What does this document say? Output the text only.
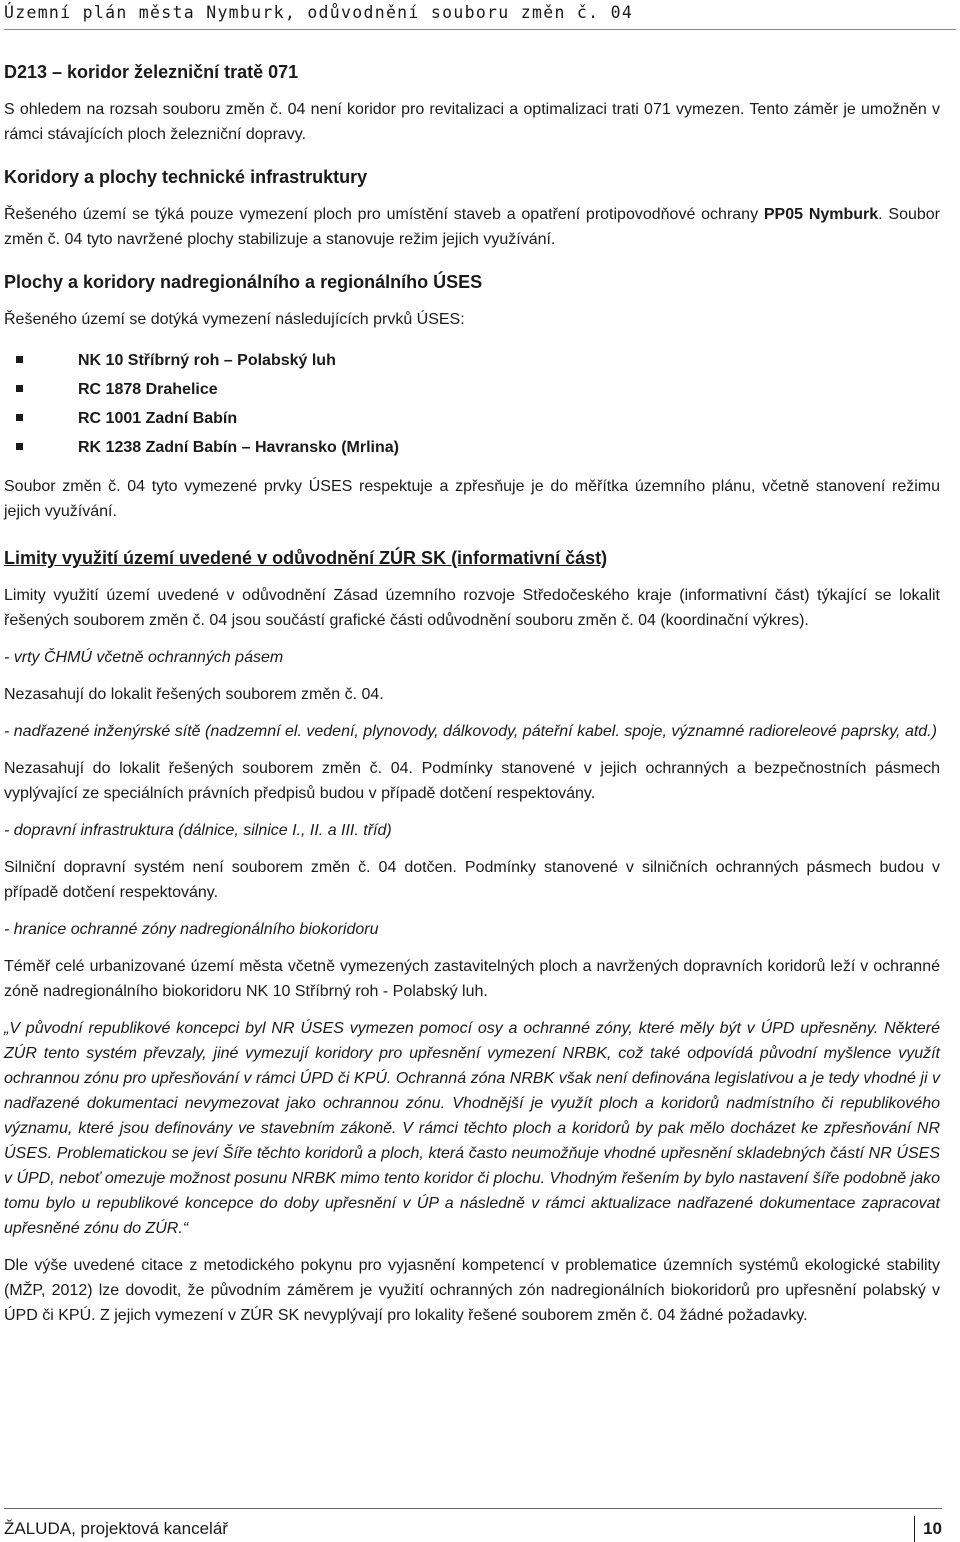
Územní plán města Nymburk, odůvodnění souboru změn č. 04
D213 – koridor železniční tratě 071

S ohledem na rozsah souboru změn č. 04 není koridor pro revitalizaci a optimalizaci trati 071 vymezen. Tento záměr je umožněn v rámci stávajících ploch železniční dopravy.

Koridory a plochy technické infrastruktury

Řešeného území se týká pouze vymezení ploch pro umístění staveb a opatření protipovodňové ochrany PP05 Nymburk. Soubor změn č. 04 tyto navržené plochy stabilizuje a stanovuje režim jejich využívání.

Plochy a koridory nadregionálního a regionálního ÚSES

Řešeného území se dotýká vymezení následujících prvků ÚSES:

NK 10 Stříbrný roh – Polabský luh
RC 1878 Drahelice
RC 1001 Zadní Babín
RK 1238 Zadní Babín – Havransko (Mrlina)

Soubor změn č. 04 tyto vymezené prvky ÚSES respektuje a zpřesňuje je do měřítka územního plánu, včetně stanovení režimu jejich využívání.

Limity využití území uvedené v odůvodnění ZÚR SK (informativní část)

Limity využití území uvedené v odůvodnění Zásad územního rozvoje Středočeského kraje (informativní část) týkající se lokalit řešených souborem změn č. 04 jsou součástí grafické části odůvodnění souboru změn č. 04 (koordinační výkres).

- vrty ČHMÚ včetně ochranných pásem

Nezasahují do lokalit řešených souborem změn č. 04.

- nadřazené inženýrské sítě (nadzemní el. vedení, plynovody, dálkovody, páteřní kabel. spoje, významné radioreleové paprsky, atd.)

Nezasahují do lokalit řešených souborem změn č. 04. Podmínky stanovené v jejich ochranných a bezpečnostních pásmech vyplývající ze speciálních právních předpisů budou v případě dotčení respektovány.

- dopravní infrastruktura (dálnice, silnice I., II. a III. tříd)

Silniční dopravní systém není souborem změn č. 04 dotčen. Podmínky stanovené v silničních ochranných pásmech budou v případě dotčení respektovány.

- hranice ochranné zóny nadregionálního biokoridoru

Téměř celé urbanizované území města včetně vymezených zastavitelných ploch a navržených dopravních koridorů leží v ochranné zóně nadregionálního biokoridoru NK 10 Stříbrný roh - Polabský luh.

„V původní republikové koncepci byl NR ÚSES vymezen pomocí osy a ochranné zóny, které měly být v ÚPD upřesněny. Některé ZÚR tento systém převzaly, jiné vymezují koridory pro upřesnění vymezení NRBK, což také odpovídá původní myšlence využít ochrannou zónu pro upřesňování v rámci ÚPD či KPÚ. Ochranná zóna NRBK však není definována legislativou a je tedy vhodné ji v nadřazené dokumentaci nevymezovat jako ochrannou zónu. Vhodnější je využít ploch a koridorů nadmístního či republikového významu, které jsou definovány ve stavebním zákoně. V rámci těchto ploch a koridorů by pak mělo docházet ke zpřesňování NR ÚSES. Problematickou se jeví Šíře těchto koridorů a ploch, která často neumožňuje vhodné upřesnění skladebných částí NR ÚSES v ÚPD, neboť omezuje možnost posunu NRBK mimo tento koridor či plochu. Vhodným řešením by bylo nastavení šíře podobně jako tomu bylo u republikové koncepce do doby upřesnění v ÚP a následně v rámci aktualizace nadřazené dokumentace zapracovat upřesněné zónu do ZÚR.“

Dle výše uvedené citace z metodického pokynu pro vyjasnění kompetencí v problematice územních systémů ekologické stability (MŽP, 2012) lze dovodit, že původním záměrem je využití ochranných zón nadregionálních biokoridorů pro upřesnění polabský v ÚPD či KPÚ. Z jejich vymezení v ZÚR SK nevyplývají pro lokality řešené souborem změn č. 04 žádné požadavky.

ŽALUDA, projektová kancelář	10
